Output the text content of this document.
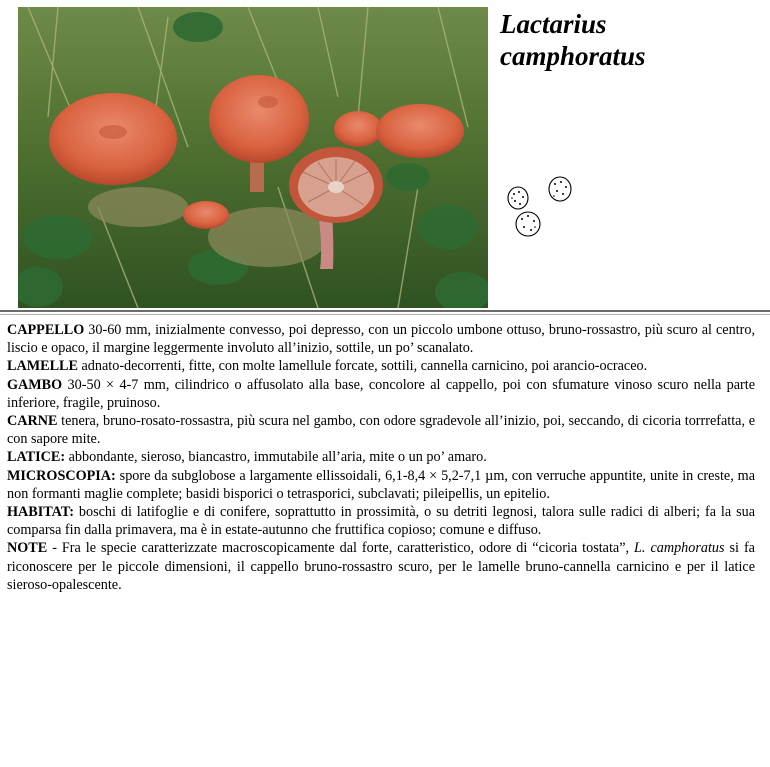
Lactarius
camphoratus

CAPPELLO 30-60 mm, inizialmente convesso, poi depresso, con un piccolo umbone ottuso, bruno-rossastro, più scuro al centro, liscio e opaco, il margine leggermente involuto all’inizio, sottile, un po’ scanalato.

LAMELLE adnato-decorrenti, fitte, con molte lamellule forcate, sottili, cannella carnicino, poi arancio-ocraceo.

GAMBO 30-50 × 4-7 mm, cilindrico o affusolato alla base, concolore al cappello, poi con sfumature vinoso scuro nella parte inferiore, fragile, pruinoso.

CARNE tenera, bruno-rosato-rossastra, più scura nel gambo, con odore sgradevole all’inizio, poi, seccando, di cicoria torrrefatta, e con sapore mite.

LATICE: abbondante, sieroso, biancastro, immutabile all’aria, mite o un po’ amaro.

MICROSCOPIA: spore da subglobose a largamente ellissoidali, 6,1-8,4 × 5,2-7,1 µm, con verruche appuntite, unite in creste, ma non formanti maglie complete; basidi bisporici o tetrasporici, subclavati; pileipellis, un epitelio.

HABITAT: boschi di latifoglie e di conifere, soprattutto in prossimità, o su detriti legnosi, talora sulle radici di alberi; fa la sua comparsa fin dalla primavera, ma è in estate-autunno che fruttifica copioso; comune e diffuso.

NOTE - Fra le specie caratterizzate macroscopicamente dal forte, caratteristico, odore di “cicoria tostata”, L. camphoratus si fa riconoscere per le piccole dimensioni, il cappello bruno-rossastro scuro, per le lamelle bruno-cannella carnicino e per il latice sieroso-opalescente.
